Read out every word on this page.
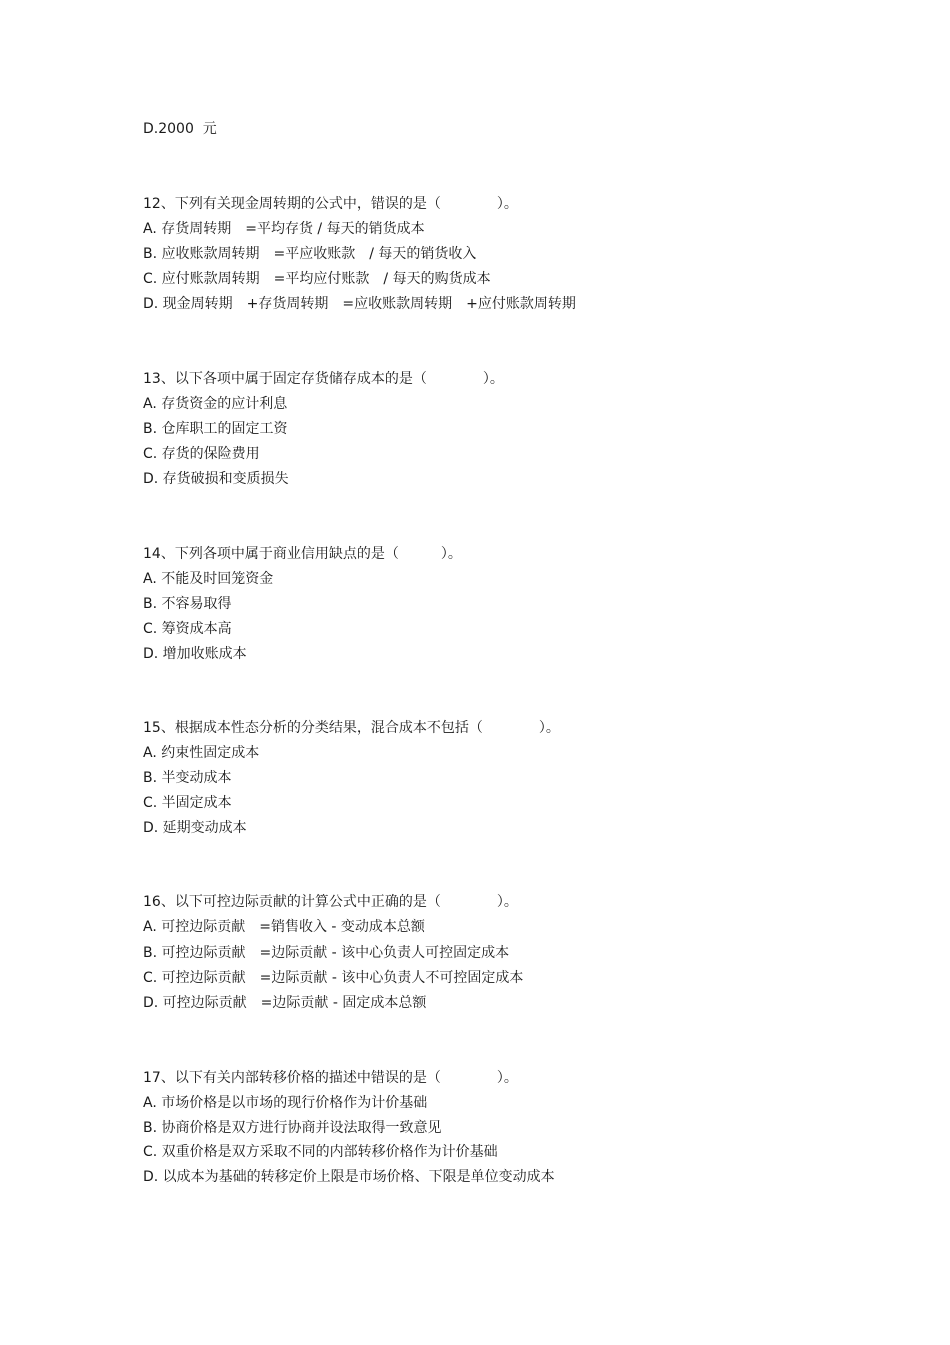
D.2000  元
12、下列有关现金周转期的公式中，错误的是（　　　　）。
A. 存货周转期　=平均存货 / 每天的销货成本
B. 应收账款周转期　=平应收账款　/ 每天的销货收入
C. 应付账款周转期　=平均应付账款　/ 每天的购货成本
D. 现金周转期　+存货周转期　=应收账款周转期　+应付账款周转期
13、以下各项中属于固定存货储存成本的是（　　　　）。
A. 存货资金的应计利息
B. 仓库职工的固定工资
C. 存货的保险费用
D. 存货破损和变质损失
14、下列各项中属于商业信用缺点的是（　　　）。
A. 不能及时回笼资金
B. 不容易取得
C. 筹资成本高
D. 增加收账成本
15、根据成本性态分析的分类结果，混合成本不包括（　　　　）。
A. 约束性固定成本
B. 半变动成本
C. 半固定成本
D. 延期变动成本
16、以下可控边际贡献的计算公式中正确的是（　　　　）。
A. 可控边际贡献　=销售收入 - 变动成本总额
B. 可控边际贡献　=边际贡献 - 该中心负责人可控固定成本
C. 可控边际贡献　=边际贡献 - 该中心负责人不可控固定成本
D. 可控边际贡献　=边际贡献 - 固定成本总额
17、以下有关内部转移价格的描述中错误的是（　　　　）。
A. 市场价格是以市场的现行价格作为计价基础
B. 协商价格是双方进行协商并设法取得一致意见
C. 双重价格是双方采取不同的内部转移价格作为计价基础
D. 以成本为基础的转移定价上限是市场价格、下限是单位变动成本
